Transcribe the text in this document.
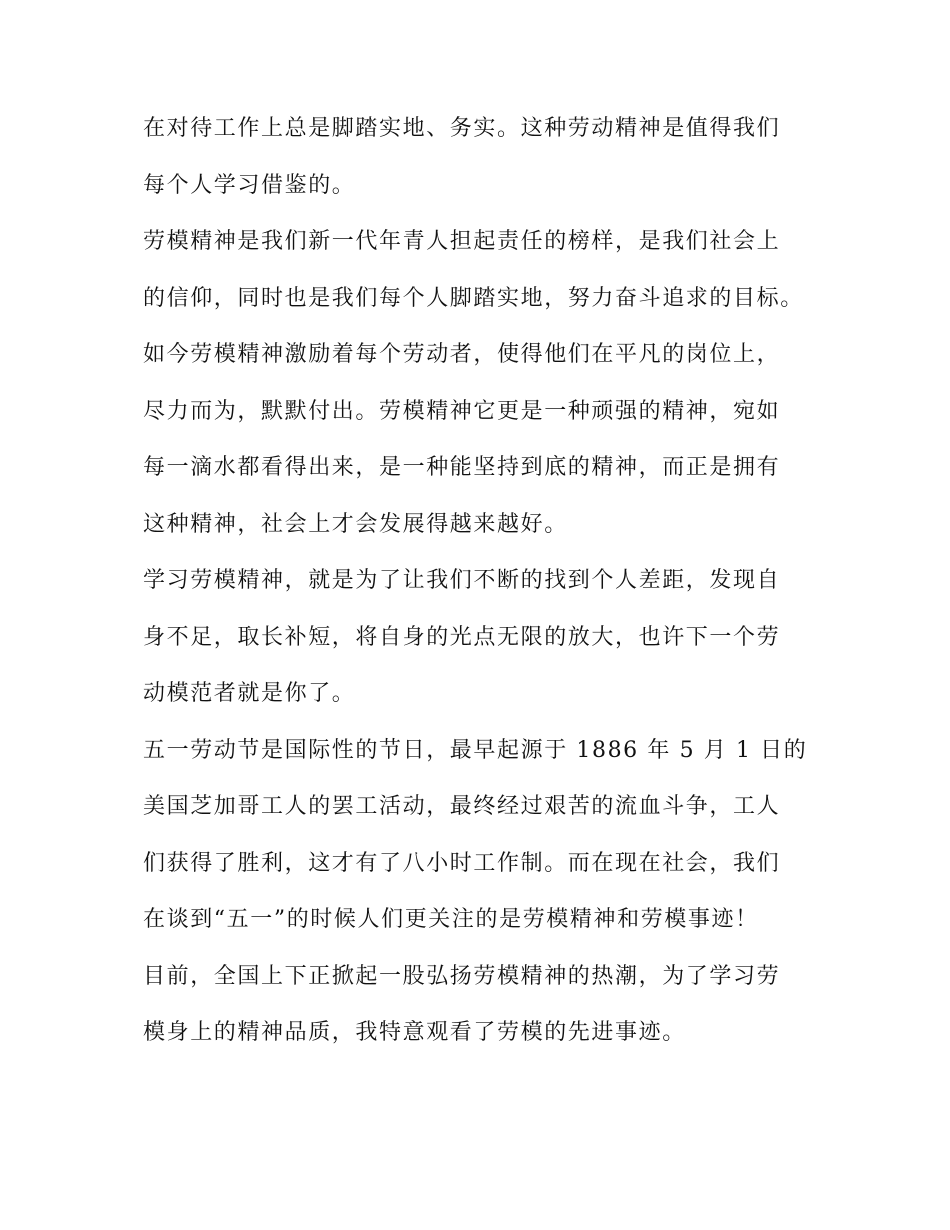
在对待工作上总是脚踏实地、务实。这种劳动精神是值得我们
每个人学习借鉴的。
劳模精神是我们新一代年青人担起责任的榜样，是我们社会上
的信仰，同时也是我们每个人脚踏实地，努力奋斗追求的目标。
如今劳模精神激励着每个劳动者，使得他们在平凡的岗位上，
尽力而为，默默付出。劳模精神它更是一种顽强的精神，宛如
每一滴水都看得出来，是一种能坚持到底的精神，而正是拥有
这种精神，社会上才会发展得越来越好。
学习劳模精神，就是为了让我们不断的找到个人差距，发现自
身不足，取长补短，将自身的光点无限的放大，也许下一个劳
动模范者就是你了。
五一劳动节是国际性的节日，最早起源于 1886 年 5 月 1 日的
美国芝加哥工人的罢工活动，最终经过艰苦的流血斗争，工人
们获得了胜利，这才有了八小时工作制。而在现在社会，我们
在谈到“五一”的时候人们更关注的是劳模精神和劳模事迹！
目前，全国上下正掀起一股弘扬劳模精神的热潮，为了学习劳
模身上的精神品质，我特意观看了劳模的先进事迹。
